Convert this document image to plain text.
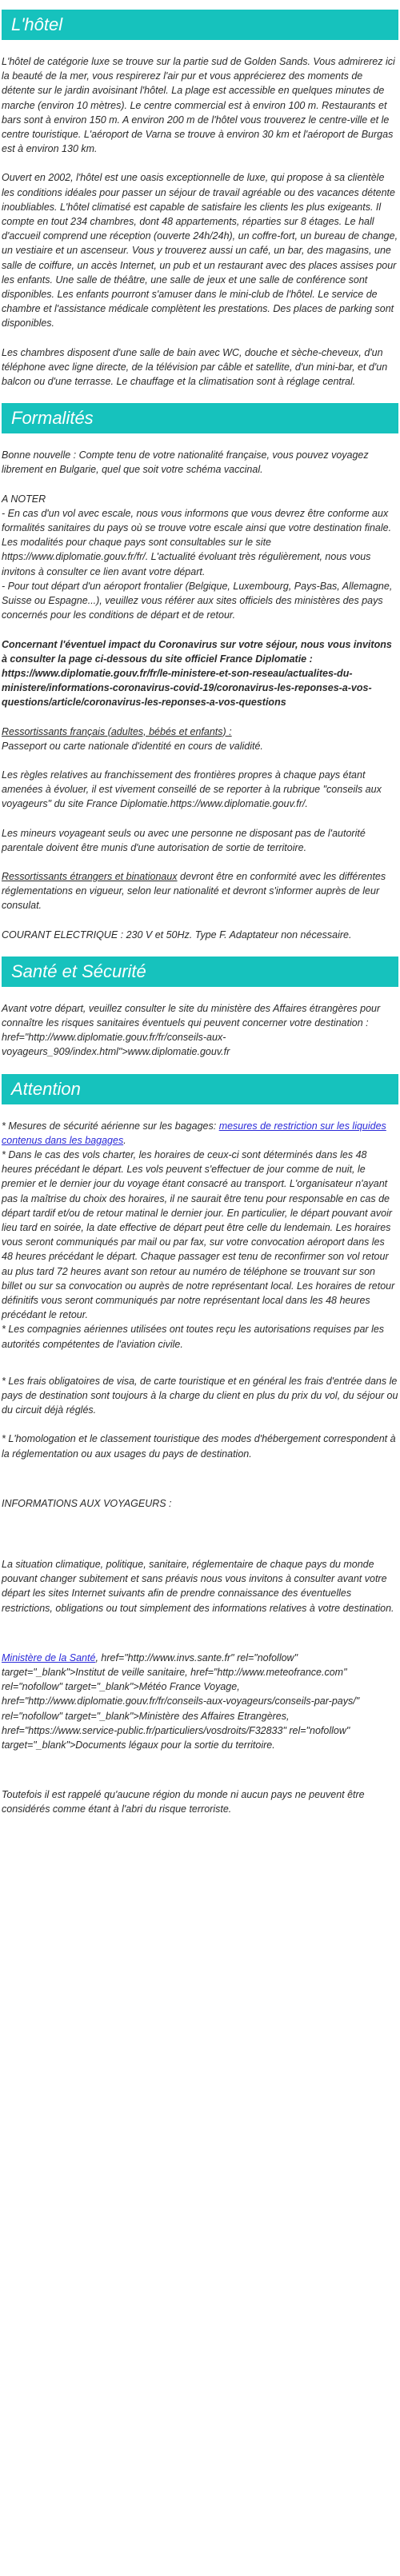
L'hôtel

L'hôtel de catégorie luxe se trouve sur la partie sud de Golden Sands. Vous admirerez ici la beauté de la mer, vous respirerez l'air pur et vous apprécierez des moments de détente sur le jardin avoisinant l'hôtel. La plage est accessible en quelques minutes de marche (environ 10 mètres). Le centre commercial est à environ 100 m. Restaurants et bars sont à environ 150 m. A environ 200 m de l'hôtel vous trouverez le centre-ville et le centre touristique. L'aéroport de Varna se trouve à environ 30 km et l'aéroport de Burgas est à environ 130 km.

Ouvert en 2002, l'hôtel est une oasis exceptionnelle de luxe, qui propose à sa clientèle les conditions idéales pour passer un séjour de travail agréable ou des vacances détente inoubliables. L'hôtel climatisé est capable de satisfaire les clients les plus exigeants. Il compte en tout 234 chambres, dont 48 appartements, réparties sur 8 étages. Le hall d'accueil comprend une réception (ouverte 24h/24h), un coffre-fort, un bureau de change, un vestiaire et un ascenseur. Vous y trouverez aussi un café, un bar, des magasins, une salle de coiffure, un accès Internet, un pub et un restaurant avec des places assises pour les enfants. Une salle de théâtre, une salle de jeux et une salle de conférence sont disponibles. Les enfants pourront s'amuser dans le mini-club de l'hôtel. Le service de chambre et l'assistance médicale complètent les prestations. Des places de parking sont disponibles.

Les chambres disposent d'une salle de bain avec WC, douche et sèche-cheveux, d'un téléphone avec ligne directe, de la télévision par câble et satellite, d'un mini-bar, et d'un balcon ou d'une terrasse. Le chauffage et la climatisation sont à réglage central.

Formalités

Bonne nouvelle : Compte tenu de votre nationalité française, vous pouvez voyagez librement en Bulgarie, quel que soit votre schéma vaccinal.

A NOTER
- En cas d'un vol avec escale, nous vous informons que vous devrez être conforme aux formalités sanitaires du pays où se trouve votre escale ainsi que votre destination finale.
Les modalités pour chaque pays sont consultables sur le site https://www.diplomatie.gouv.fr/fr/. L'actualité évoluant très régulièrement, nous vous invitons à consulter ce lien avant votre départ.
- Pour tout départ d'un aéroport frontalier (Belgique, Luxembourg, Pays-Bas, Allemagne, Suisse ou Espagne...), veuillez vous référer aux sites officiels des ministères des pays concernés pour les conditions de départ et de retour.

Concernant l'éventuel impact du Coronavirus sur votre séjour, nous vous invitons à consulter la page ci-dessous du site officiel France Diplomatie : https://www.diplomatie.gouv.fr/fr/le-ministere-et-son-reseau/actualites-du-ministere/informations-coronavirus-covid-19/coronavirus-les-reponses-a-vos-questions/article/coronavirus-les-reponses-a-vos-questions

Ressortissants français (adultes, bébés et enfants) :
Passeport ou carte nationale d'identité en cours de validité.

Les règles relatives au franchissement des frontières propres à chaque pays étant amenées à évoluer, il est vivement conseillé de se reporter à la rubrique "conseils aux voyageurs" du site France Diplomatie.https://www.diplomatie.gouv.fr/.

Les mineurs voyageant seuls ou avec une personne ne disposant pas de l'autorité parentale doivent être munis d'une autorisation de sortie de territoire.

Ressortissants étrangers et binationaux devront être en conformité avec les différentes réglementations en vigueur, selon leur nationalité et devront s'informer auprès de leur consulat.

COURANT ELECTRIQUE : 230 V et 50Hz. Type F. Adaptateur non nécessaire.

Santé et Sécurité

Avant votre départ, veuillez consulter le site du ministère des Affaires étrangères pour connaître les risques sanitaires éventuels qui peuvent concerner votre destination : href="http://www.diplomatie.gouv.fr/fr/conseils-aux-voyageurs_909/index.html">www.diplomatie.gouv.fr

Attention

* Mesures de sécurité aérienne sur les bagages: mesures de restriction sur les liquides contenus dans les bagages.
* Dans le cas des vols charter, les horaires de ceux-ci sont déterminés dans les 48 heures précédant le départ. Les vols peuvent s'effectuer de jour comme de nuit, le premier et le dernier jour du voyage étant consacré au transport. L'organisateur n'ayant pas la maîtrise du choix des horaires, il ne saurait être tenu pour responsable en cas de départ tardif et/ou de retour matinal le dernier jour. En particulier, le départ pouvant avoir lieu tard en soirée, la date effective de départ peut être celle du lendemain. Les horaires vous seront communiqués par mail ou par fax, sur votre convocation aéroport dans les 48 heures précédant le départ. Chaque passager est tenu de reconfirmer son vol retour au plus tard 72 heures avant son retour au numéro de téléphone se trouvant sur son billet ou sur sa convocation ou auprès de notre représentant local. Les horaires de retour définitifs vous seront communiqués par notre représentant local dans les 48 heures précédant le retour.
* Les compagnies aériennes utilisées ont toutes reçu les autorisations requises par les autorités compétentes de l'aviation civile.

* Les frais obligatoires de visa, de carte touristique et en général les frais d'entrée dans le pays de destination sont toujours à la charge du client en plus du prix du vol, du séjour ou du circuit déjà réglés.

* L'homologation et le classement touristique des modes d'hébergement correspondent à la réglementation ou aux usages du pays de destination.

INFORMATIONS AUX VOYAGEURS :

La situation climatique, politique, sanitaire, réglementaire de chaque pays du monde pouvant changer subitement et sans préavis nous vous invitons à consulter avant votre départ les sites Internet suivants afin de prendre connaissance des éventuelles restrictions, obligations ou tout simplement des informations relatives à votre destination.

Ministère de la Santé, href="http://www.invs.sante.fr" rel="nofollow" target="_blank">Institut de veille sanitaire, href="http://www.meteofrance.com" rel="nofollow" target="_blank">Météo France Voyage, href="http://www.diplomatie.gouv.fr/fr/conseils-aux-voyageurs/conseils-par-pays/" rel="nofollow" target="_blank">Ministère des Affaires Etrangères, href="https://www.service-public.fr/particuliers/vosdroits/F32833" rel="nofollow" target="_blank">Documents légaux pour la sortie du territoire.

Toutefois il est rappelé qu'aucune région du monde ni aucun pays ne peuvent être considérés comme étant à l'abri du risque terroriste.
